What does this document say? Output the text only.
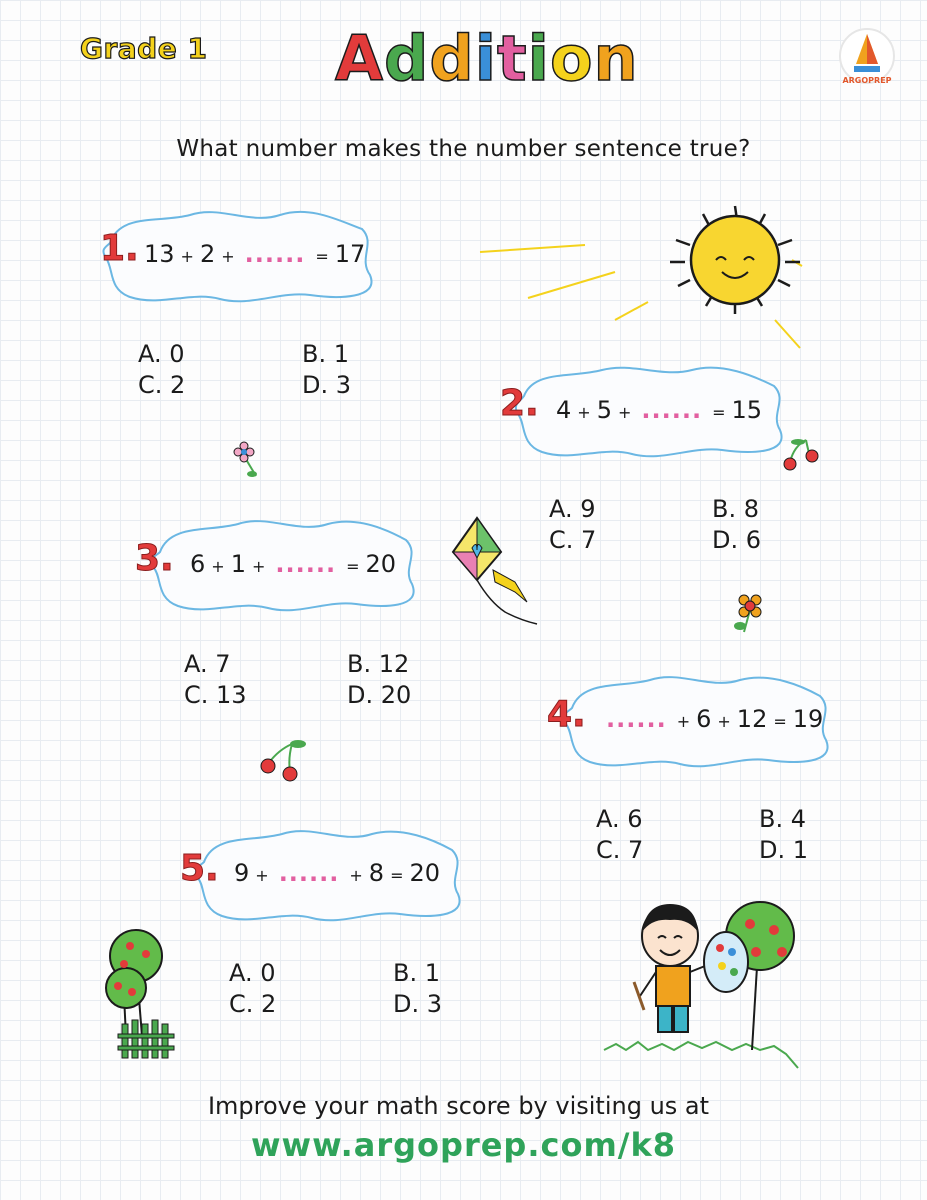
Grade 1 Addition	ARGOPREP
What number makes the number sentence true?
1. 13 + 2 + ...... = 17
A. 0	B. 1
C. 2	D. 3	2. 4 + 5 + ...... = 15
A. 9	B. 8
C. 7	D. 6
3. 6 + 1 + ...... = 20
A. 7	B. 12
C. 13	D. 20	4. ...... + 6 + 12 = 19
A. 6	B. 4
C. 7	D. 1
5. 9 + ...... + 8 = 20
A. 0	B. 1
C. 2	D. 3
Improve your math score by visiting us at
www.argoprep.com/k8
